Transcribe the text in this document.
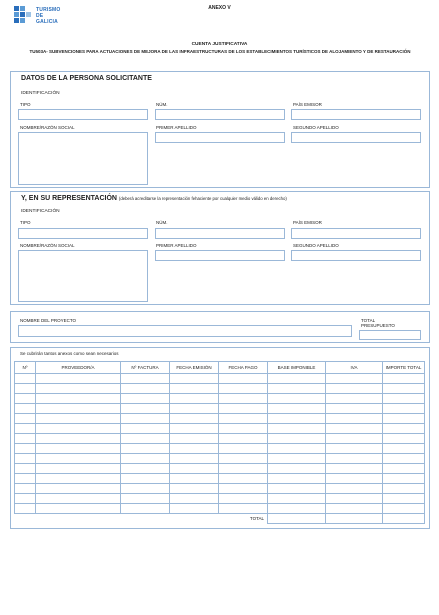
TURISMO
DE
GALICIA
ANEXO V
CUENTA JUSTIFICATIVA
TU503A- SUBVENCIONES PARA ACTUACIONES DE MEJORA DE LAS INFRAESTRUCTURAS DE LOS ESTABLECIMIENTOS TURÍSTICOS DE ALOJAMIENTO Y DE RESTAURACIÓN
DATOS DE LA PERSONA SOLICITANTE
IDENTIFICACIÓN
TIPO	NÚM.	PAÍS EMISOR
NOMBRE/RAZÓN SOCIAL	PRIMER APELLIDO	SEGUNDO APELLIDO
Y, EN SU REPRESENTACIÓN (deberá acreditarse la representación fehaciente por cualquier medio válido en derecho)
IDENTIFICACIÓN
TIPO	NÚM.	PAÍS EMISOR
NOMBRE/RAZÓN SOCIAL	PRIMER APELLIDO	SEGUNDO APELLIDO
NOMBRE DEL PROYECTO	TOTAL
PRESUPUESTO
Se cubrirán tantos anexos como sean necesarios
Nº	PROVEEDOR/A	Nº FACTURA	FECHA EMISIÓN	FECHA PAGO	BASE IMPONIBLE	IVA	IMPORTE TOTAL

TOTAL							
